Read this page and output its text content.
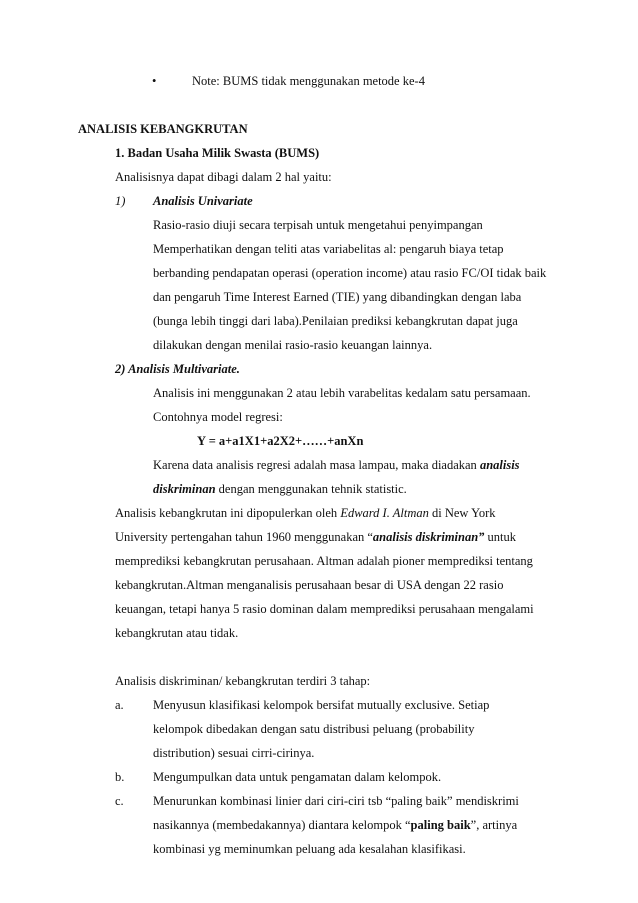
•	Note: BUMS tidak menggunakan metode ke-4
ANALISIS KEBANGKRUTAN
1. Badan Usaha Milik Swasta (BUMS)
Analisisnya dapat dibagi dalam 2 hal yaitu:
1) Analisis Univariate
Rasio-rasio diuji secara terpisah untuk mengetahui penyimpangan
Memperhatikan dengan teliti atas variabelitas al: pengaruh biaya tetap
berbanding pendapatan operasi (operation income) atau rasio FC/OI tidak baik
dan pengaruh Time Interest Earned (TIE) yang dibandingkan dengan laba
(bunga lebih tinggi dari laba).Penilaian prediksi kebangkrutan dapat juga
dilakukan dengan menilai rasio-rasio keuangan lainnya.
2) Analisis Multivariate.
Analisis ini menggunakan 2 atau lebih varabelitas kedalam satu persamaan.
Contohnya model regresi:
Y = a+a1X1+a2X2+……+anXn
Karena data analisis regresi adalah masa lampau, maka diadakan analisis
diskriminan dengan menggunakan tehnik statistic.
Analisis kebangkrutan ini dipopulerkan oleh Edward I. Altman di New York
University pertengahan tahun 1960 menggunakan “analisis diskriminan” untuk
memprediksi kebangkrutan perusahaan. Altman adalah pioner memprediksi tentang
kebangkrutan.Altman menganalisis perusahaan besar di USA dengan 22 rasio
keuangan, tetapi hanya 5 rasio dominan dalam memprediksi perusahaan mengalami
kebangkrutan atau tidak.
Analisis diskriminan/ kebangkrutan terdiri 3 tahap:
a. Menyusun klasifikasi kelompok bersifat mutually exclusive. Setiap
kelompok dibedakan dengan satu distribusi peluang (probability
distribution) sesuai cirri-cirinya.
b. Mengumpulkan data untuk pengamatan dalam kelompok.
c. Menurunkan kombinasi linier dari ciri-ciri tsb “paling baik” mendiskrimi
nasikannya (membedakannya) diantara kelompok “paling baik”, artinya
kombinasi yg meminumkan peluang ada kesalahan klasifikasi.
